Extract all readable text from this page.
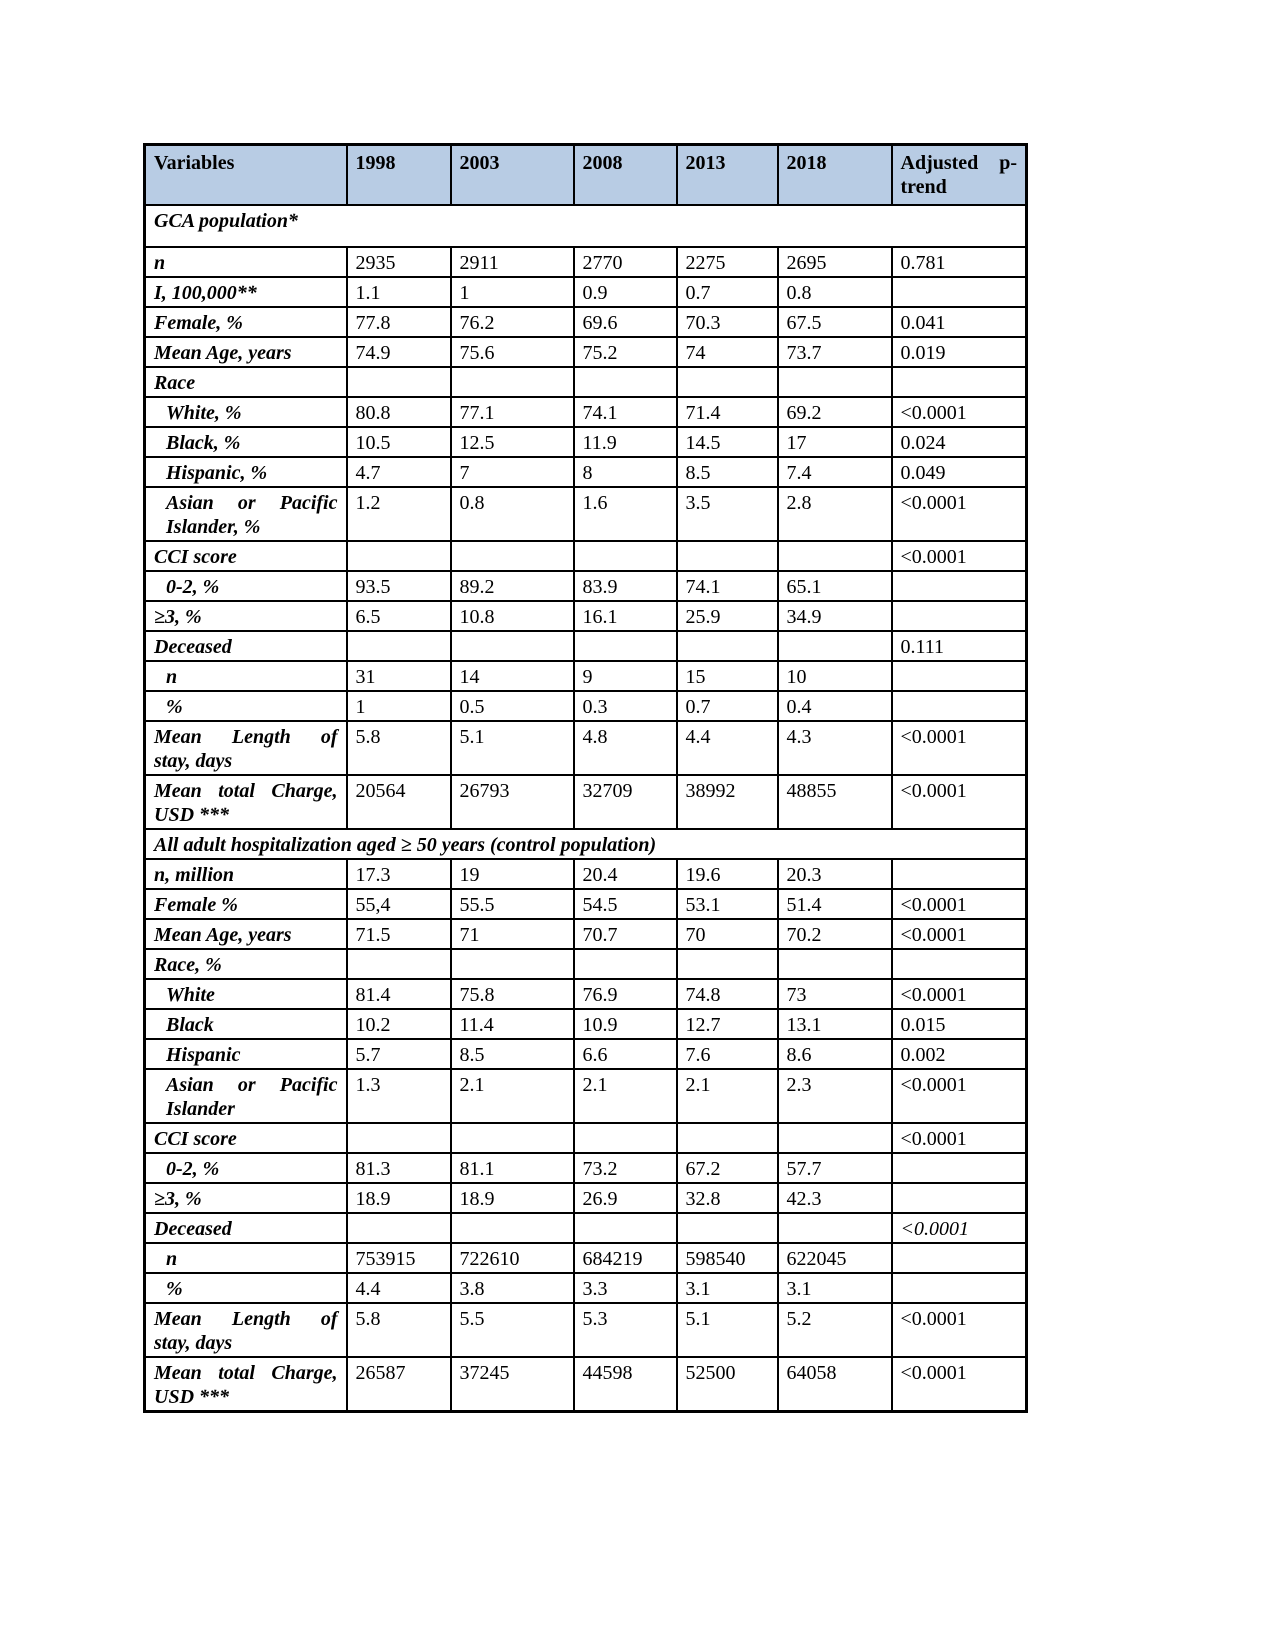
Variables	1998	2003	2008	2013	2018	Adjusted p-
trend

GCA population*						
n	2935	2911	2770	2275	2695	0.781
I, 100,000**	1.1	1	0.9	0.7	0.8	
Female, %	77.8	76.2	69.6	70.3	67.5	0.041
Mean Age, years	74.9	75.6	75.2	74	73.7	0.019
Race						
White, %	80.8	77.1	74.1	71.4	69.2	<0.0001
Black, %	10.5	12.5	11.9	14.5	17	0.024
Hispanic, %	4.7	7	8	8.5	7.4	0.049

Asian or Pacific
Islander, %	1.2	0.8	1.6	3.5	2.8	<0.0001
CCI score						<0.0001
0-2, %	93.5	89.2	83.9	74.1	65.1	
≥3, %	6.5	10.8	16.1	25.9	34.9	
Deceased						0.111
n	31	14	9	15	10	
%	1	0.5	0.3	0.7	0.4	

Mean Length of
stay, days	5.8	5.1	4.8	4.4	4.3	<0.0001

Mean total Charge,
USD ***	20564	26793	32709	38992	48855	<0.0001
All adult hospitalization aged ≥ 50 years (control population)						
n, million	17.3	19	20.4	19.6	20.3	
Female %	55,4	55.5	54.5	53.1	51.4	<0.0001
Mean Age, years	71.5	71	70.7	70	70.2	<0.0001
Race, %						
White	81.4	75.8	76.9	74.8	73	<0.0001
Black	10.2	11.4	10.9	12.7	13.1	0.015
Hispanic	5.7	8.5	6.6	7.6	8.6	0.002

Asian or Pacific
Islander	1.3	2.1	2.1	2.1	2.3	<0.0001
CCI score						<0.0001
0-2, %	81.3	81.1	73.2	67.2	57.7	
≥3, %	18.9	18.9	26.9	32.8	42.3	
Deceased						<0.0001
n	753915	722610	684219	598540	622045	
%	4.4	3.8	3.3	3.1	3.1	

Mean Length of
stay, days	5.8	5.5	5.3	5.1	5.2	<0.0001

Mean total Charge,
USD ***	26587	37245	44598	52500	64058	<0.0001
